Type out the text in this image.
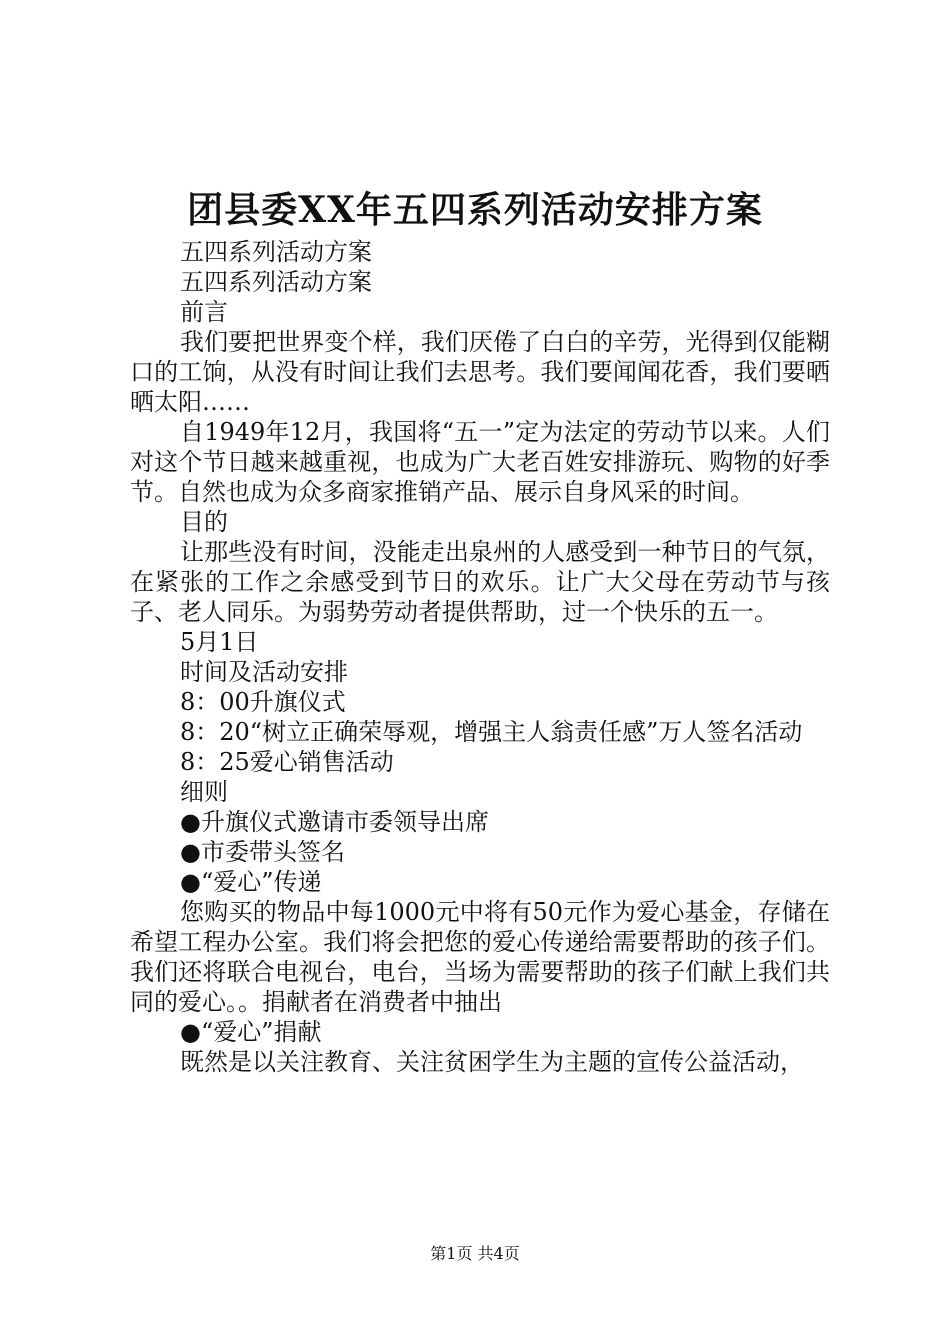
团县委XX年五四系列活动安排方案

五四系列活动方案

五四系列活动方案

前言

我们要把世界变个样，我们厌倦了白白的辛劳，光得到仅能糊口的工饷，从没有时间让我们去思考。我们要闻闻花香，我们要晒晒太阳……

自1949年12月，我国将“五一”定为法定的劳动节以来。人们对这个节日越来越重视，也成为广大老百姓安排游玩、购物的好季节。自然也成为众多商家推销产品、展示自身风采的时间。

目的

让那些没有时间，没能走出泉州的人感受到一种节日的气氛，在紧张的工作之余感受到节日的欢乐。让广大父母在劳动节与孩子、老人同乐。为弱势劳动者提供帮助，过一个快乐的五一。

5月1日

时间及活动安排

8：00升旗仪式

8：20“树立正确荣辱观，增强主人翁责任感”万人签名活动

8：25爱心销售活动

细则

●升旗仪式邀请市委领导出席

●市委带头签名

●“爱心”传递

您购买的物品中每1000元中将有50元作为爱心基金，存储在希望工程办公室。我们将会把您的爱心传递给需要帮助的孩子们。我们还将联合电视台，电台，当场为需要帮助的孩子们献上我们共同的爱心。。捐献者在消费者中抽出

●“爱心”捐献

既然是以关注教育、关注贫困学生为主题的宣传公益活动，

第1页 共4页
